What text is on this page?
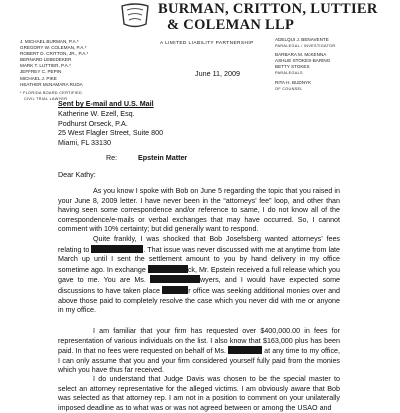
BURMAN, CRITTON, LUTTIER
& COLEMAN LLP
A LIMITED LIABILITY PARTNERSHIP
J. MICHAEL BURMAN, P.A.*
GREGORY W. COLEMAN, P.A.*
ROBERT D. CRITTON, JR., P.A.*
BERNARD LEBEDEKER
MARK T. LUTTIER, P.A.*
JEFFREY C. PEPIN
MICHAEL J. PIKE
HEATHER McNAMARA RUDA
* FLORIDA BOARD CERTIFIED
CIVIL TRIAL LAWYER
ADELQUI J. BENAVENTE
PARALEGAL / INVESTIGATOR
BARBARA M. McKENNA
ASHLIE STOKES-BARING
BETTY STOKES
PARALEGALS
RITA H. BUDNYK
OF COUNSEL
June 11, 2009
Sent by E-mail and U.S. Mail
Katherine W. Ezell, Esq.
Podhurst Orseck, P.A.
25 West Flagler Street, Suite 800
Miami, FL 33130
Re:	Epstein Matter
Dear Kathy:
As you know I spoke with Bob on June 5 regarding the topic that you raised in your June 8, 2009 letter. I have never been in the “attorneys’ fee” loop, and other than having seen some correspondence and/or reference to same, I do not know all of the correspondence/e-mails or verbal exchanges that may have occurred. So, I cannot comment with 10% certainty; but did generally want to respond.
Quite frankly, I was shocked that Bob Josefsberg wanted attorneys’ fees relating to	. That issue was never discussed with me at anytime from late March up until I sent the settlement amount to you by hand delivery in my office sometime ago. In exchange	ck, Mr. Epstein received a full release which you gave to me. You are Ms.	wyers, and I would have expected some discussions to have taken place	r office was seeking additional monies over and above those paid to completely resolve the case which you never did with me or anyone in my office.
I am familiar that your firm has requested over $400,000.00 in fees for representation of various individuals on the list. I also know that $163,000 plus has been paid. In that no fees were requested on behalf of Ms.	at any time to my office, I can only assume that you and your firm considered yourself fully paid from the monies which you have thus far received.
I do understand that Judge Davis was chosen to be the special master to select an attorney representative for the alleged victims. I am obviously aware that Bob was selected as that attorney rep. I am not in a position to comment on your unilaterally imposed deadline as to what was or was not agreed between or among the USAO and
